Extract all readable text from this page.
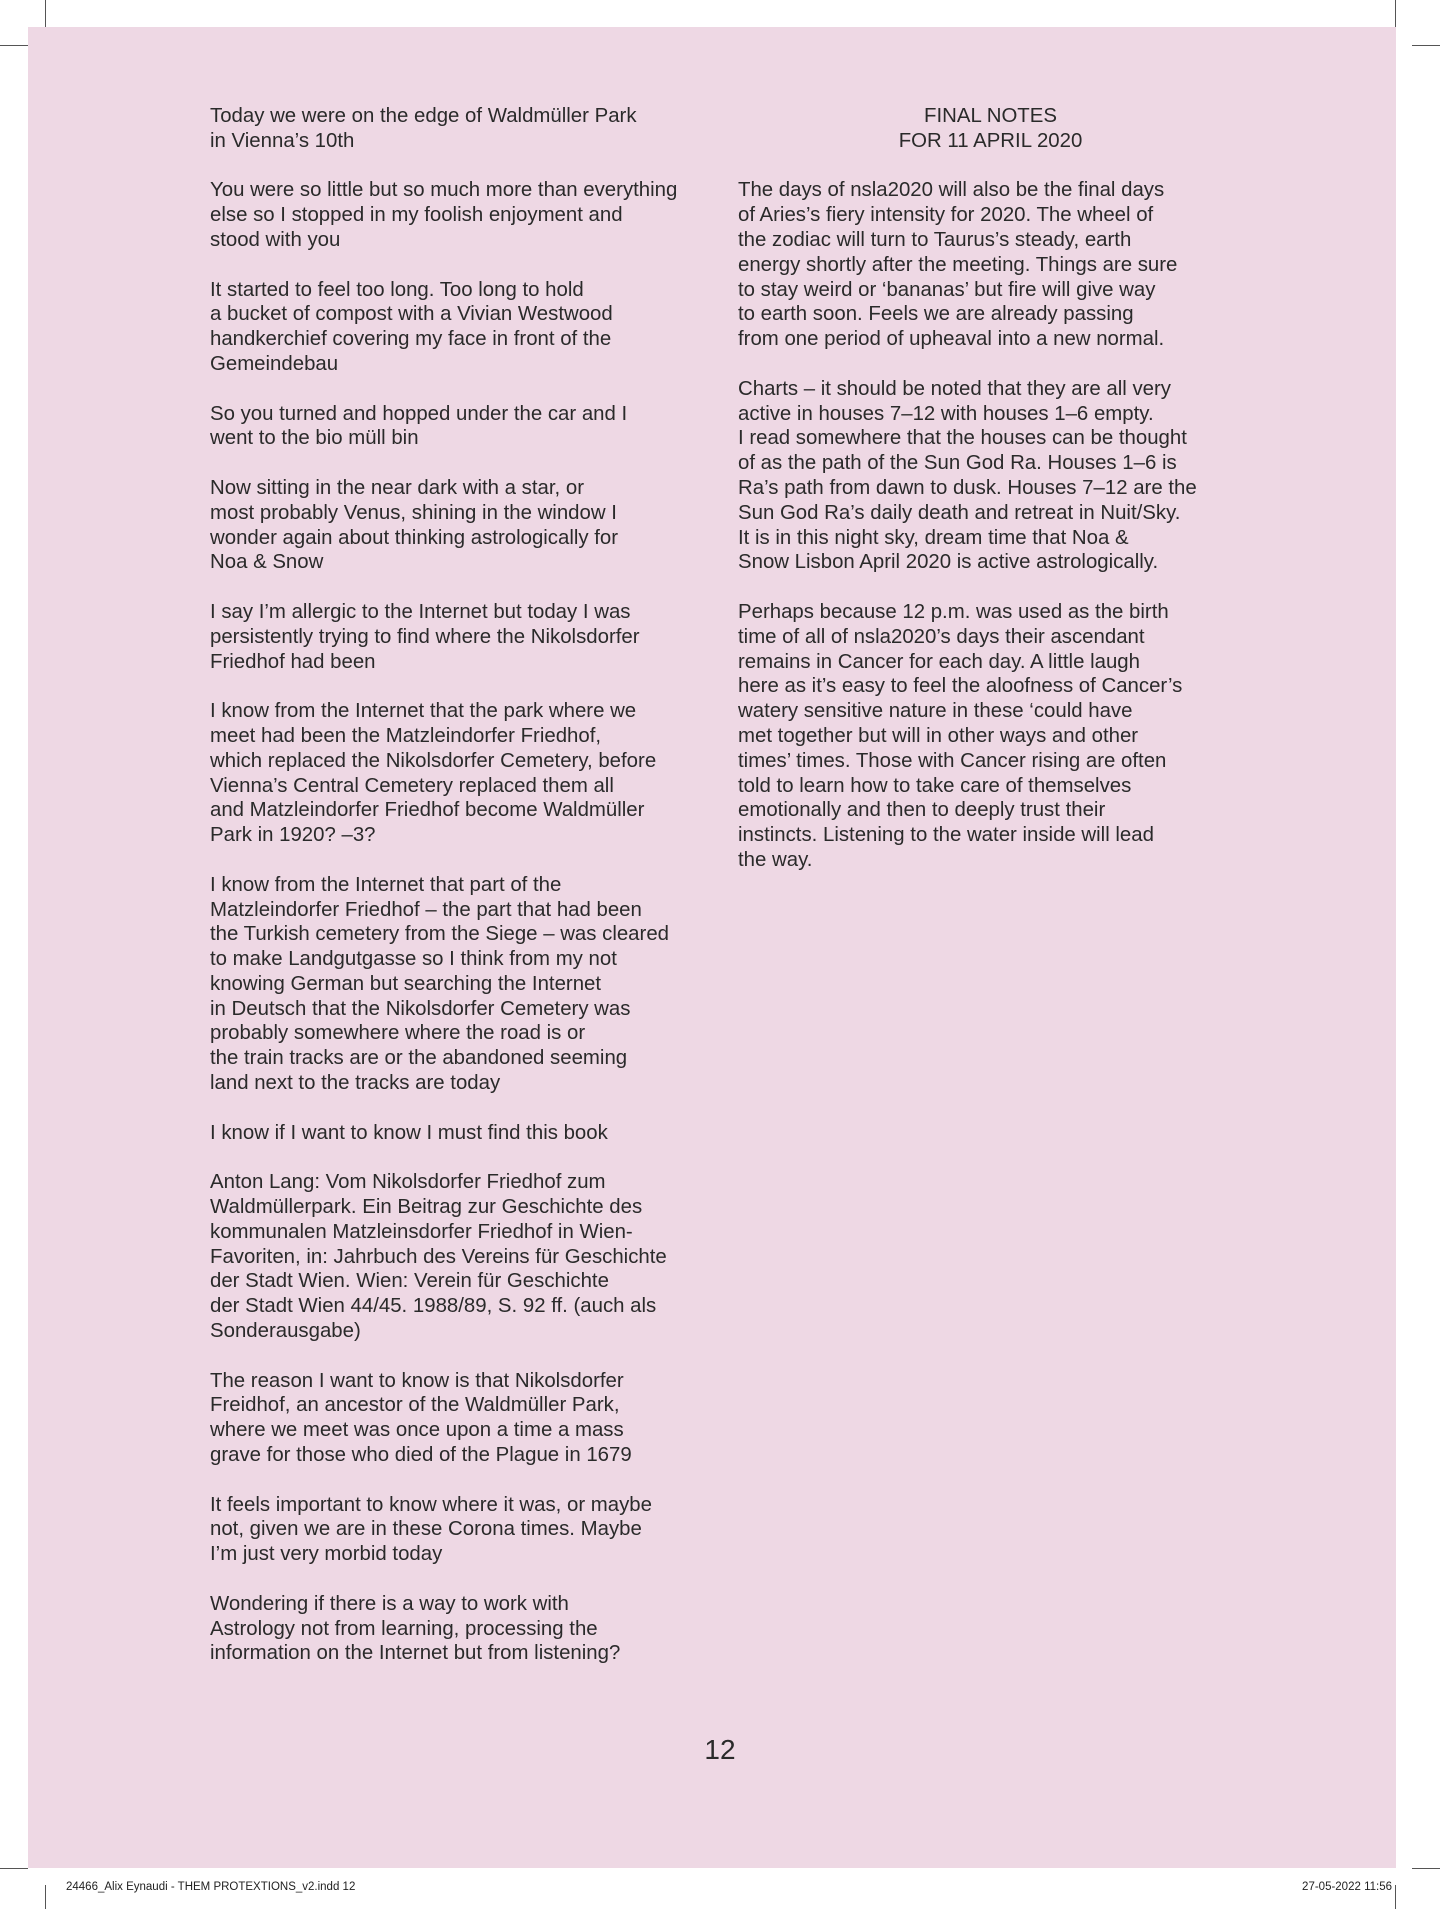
Today we were on the edge of Waldmüller Park
in Vienna’s 10th

You were so little but so much more than everything
else so I stopped in my foolish enjoyment and
stood with you

It started to feel too long. Too long to hold
a bucket of compost with a Vivian Westwood
handkerchief covering my face in front of the
Gemeindebau

So you turned and hopped under the car and I
went to the bio müll bin

Now sitting in the near dark with a star, or
most probably Venus, shining in the window I
wonder again about thinking astrologically for
Noa & Snow

I say I’m allergic to the Internet but today I was
persistently trying to find where the Nikolsdorfer
Friedhof had been

I know from the Internet that the park where we
meet had been the Matzleindorfer Friedhof,
which replaced the Nikolsdorfer Cemetery, before
Vienna’s Central Cemetery replaced them all
and Matzleindorfer Friedhof become Waldmüller
Park in 1920? –3?

I know from the Internet that part of the
Matzleindorfer Friedhof – the part that had been
the Turkish cemetery from the Siege – was cleared
to make Landgutgasse so I think from my not
knowing German but searching the Internet
in Deutsch that the Nikolsdorfer Cemetery was
probably somewhere where the road is or
the train tracks are or the abandoned seeming
land next to the tracks are today

I know if I want to know I must find this book

Anton Lang: Vom Nikolsdorfer Friedhof zum
Waldmüllerpark. Ein Beitrag zur Geschichte des
kommunalen Matzleinsdorfer Friedhof in Wien-
Favoriten, in: Jahrbuch des Vereins für Geschichte
der Stadt Wien. Wien: Verein für Geschichte
der Stadt Wien 44/45. 1988/89, S. 92 ff. (auch als
Sonderausgabe)

The reason I want to know is that Nikolsdorfer
Freidhof, an ancestor of the Waldmüller Park,
where we meet was once upon a time a mass
grave for those who died of the Plague in 1679

It feels important to know where it was, or maybe
not, given we are in these Corona times. Maybe
I’m just very morbid today

Wondering if there is a way to work with
Astrology not from learning, processing the
information on the Internet but from listening?

FINAL NOTES
FOR 11 APRIL 2020

The days of nsla2020 will also be the final days
of Aries’s fiery intensity for 2020. The wheel of
the zodiac will turn to Taurus’s steady, earth
energy shortly after the meeting. Things are sure
to stay weird or ‘bananas’ but fire will give way
to earth soon. Feels we are already passing
from one period of upheaval into a new normal.

Charts – it should be noted that they are all very
active in houses 7–12 with houses 1–6 empty.
I read somewhere that the houses can be thought
of as the path of the Sun God Ra. Houses 1–6 is
Ra’s path from dawn to dusk. Houses 7–12 are the
Sun God Ra’s daily death and retreat in Nuit/Sky.
It is in this night sky, dream time that Noa &
Snow Lisbon April 2020 is active astrologically.

Perhaps because 12 p.m. was used as the birth
time of all of nsla2020’s days their ascendant
remains in Cancer for each day. A little laugh
here as it’s easy to feel the aloofness of Cancer’s
watery sensitive nature in these ‘could have
met together but will in other ways and other
times’ times. Those with Cancer rising are often
told to learn how to take care of themselves
emotionally and then to deeply trust their
instincts. Listening to the water inside will lead
the way.

12
24466_Alix Eynaudi - THEM PROTEXTIONS_v2.indd 12	27-05-2022 11:56
